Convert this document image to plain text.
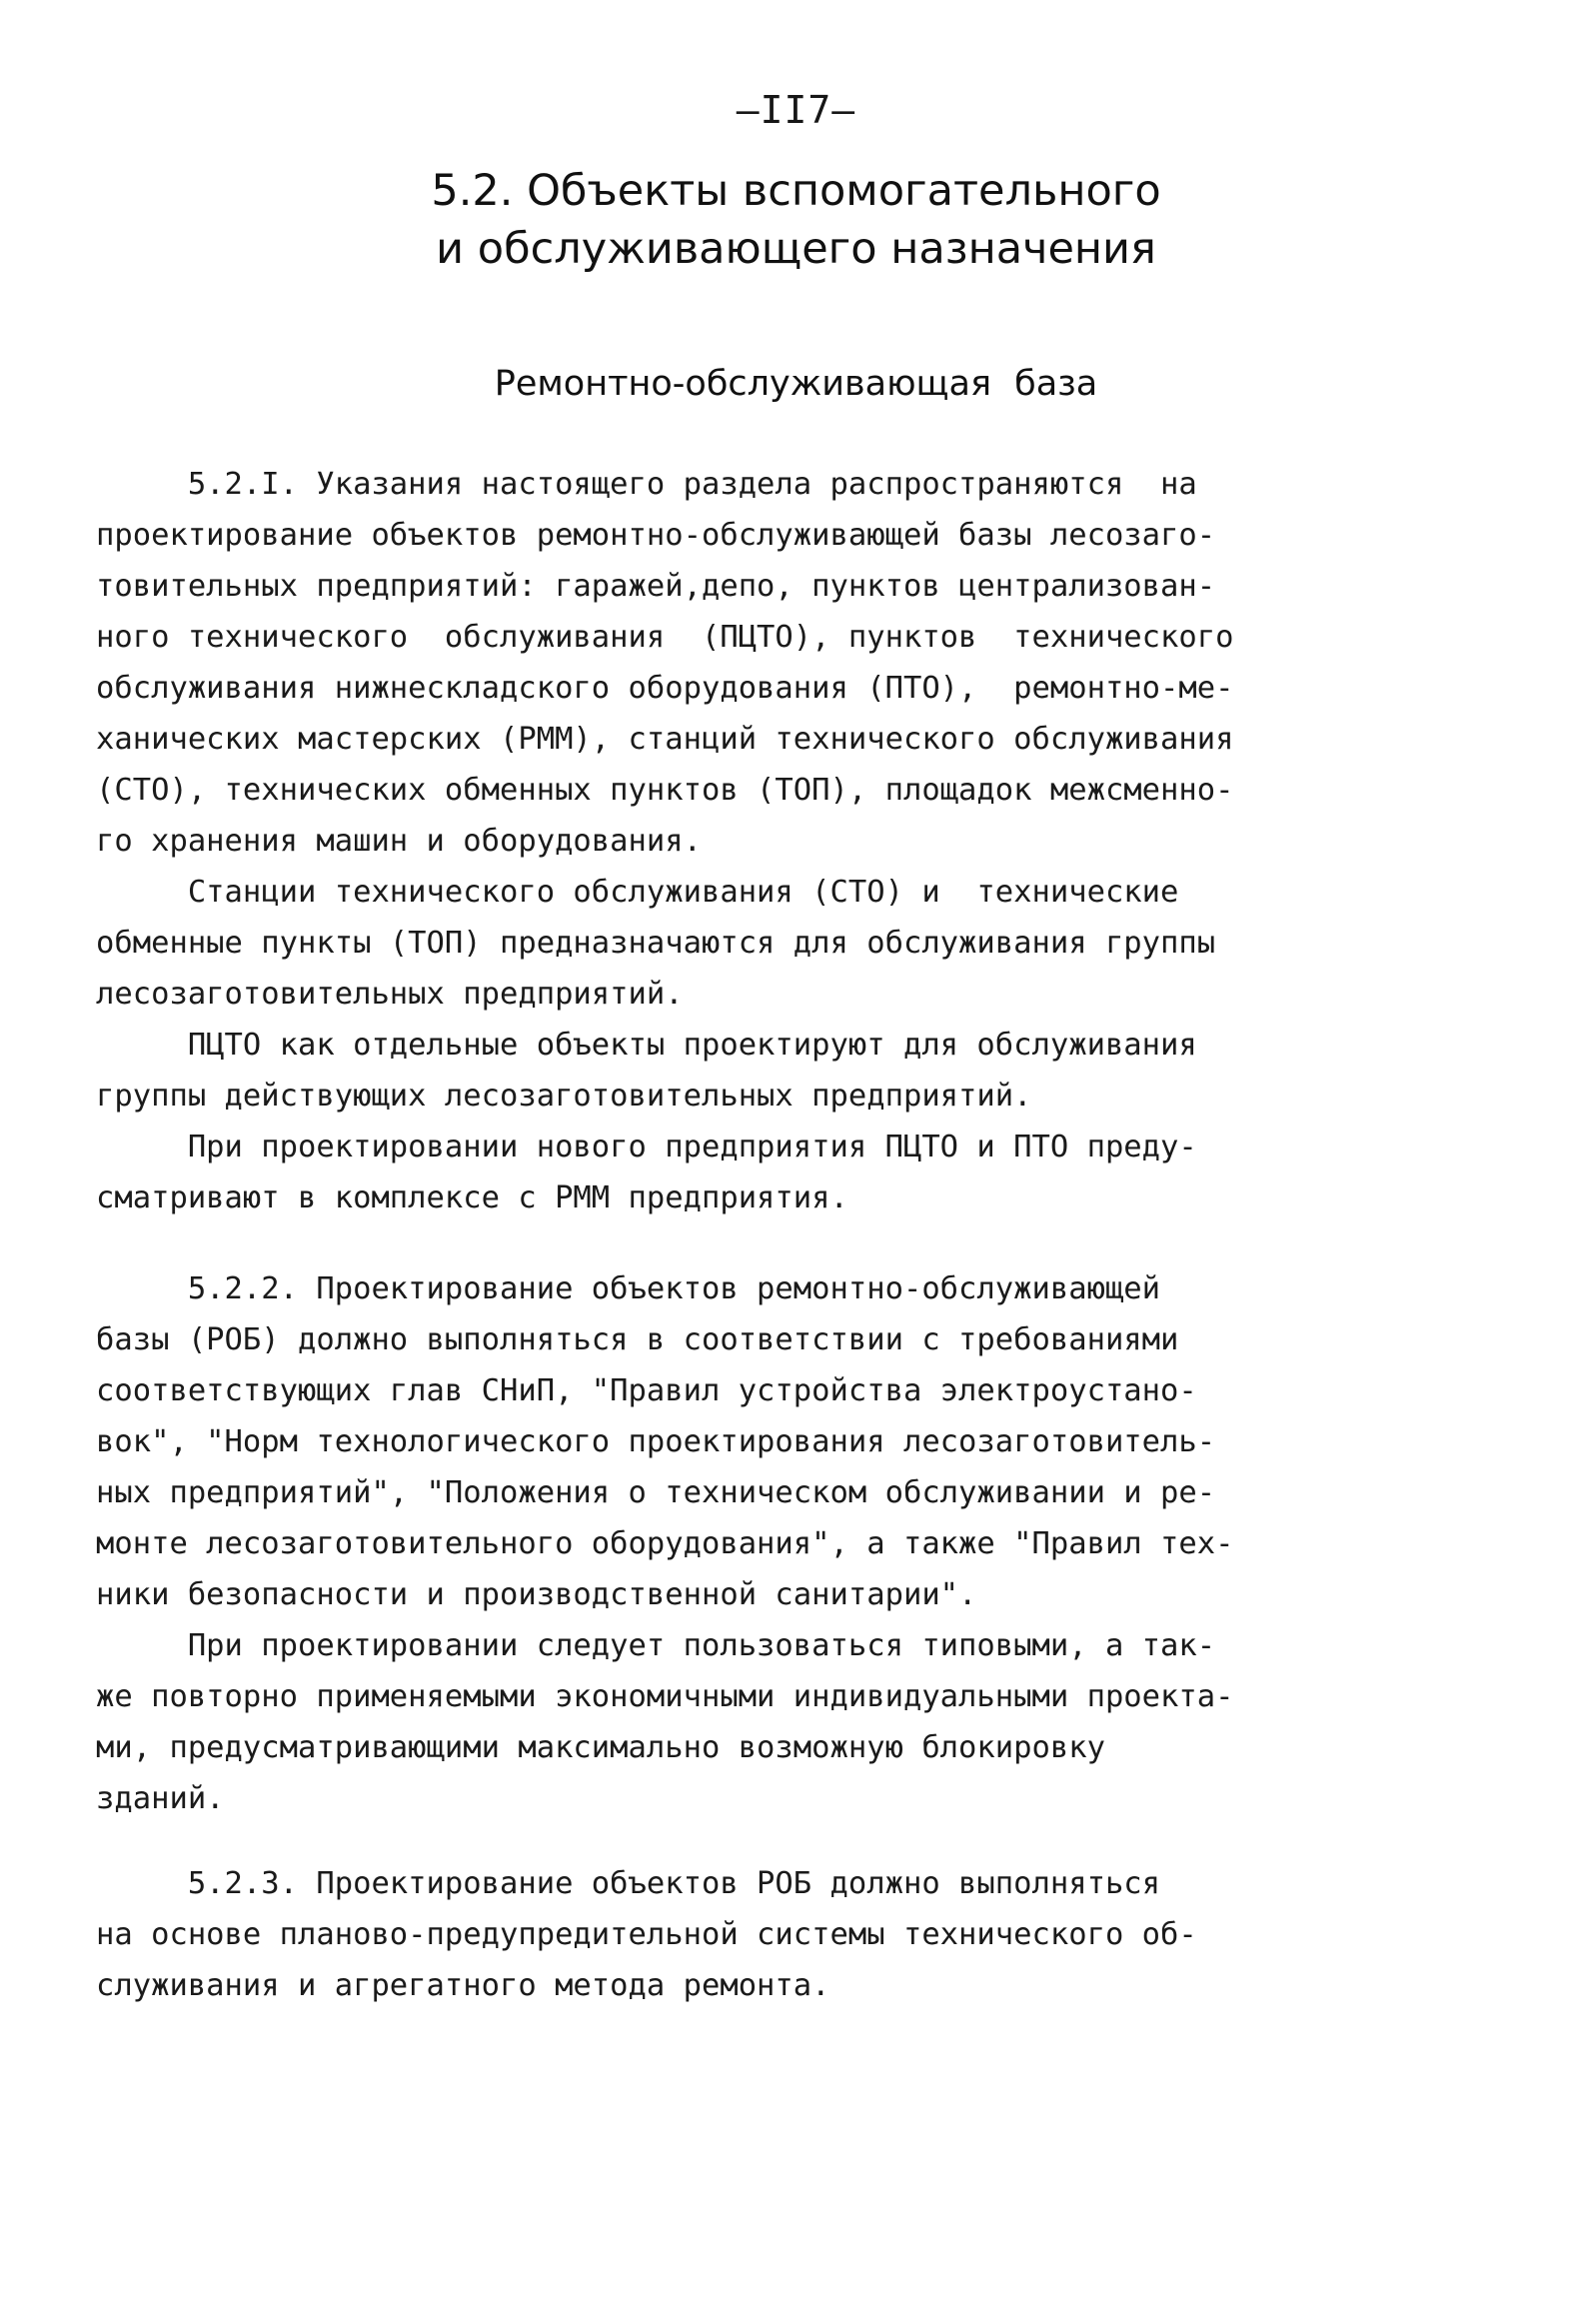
—II7—
5.2. Объекты вспомогательного
и обслуживающего назначения
Ремонтно-обслуживающая база
5.2.I. Указания настоящего раздела распространяются  на
проектирование объектов ремонтно-обслуживающей базы лесозаго-
товительных предприятий: гаражей,депо, пунктов централизован-
ного технического  обслуживания  (ПЦТО), пунктов  технического
обслуживания нижнескладского оборудования (ПТО),  ремонтно-ме-
ханических мастерских (РММ), станций технического обслуживания
(СТО), технических обменных пунктов (ТОП), площадок межсменно-
го хранения машин и оборудования.
Станции технического обслуживания (СТО) и  технические
обменные пункты (ТОП) предназначаются для обслуживания группы
лесозаготовительных предприятий.
ПЦТО как отдельные объекты проектируют для обслуживания
группы действующих лесозаготовительных предприятий.
При проектировании нового предприятия ПЦТО и ПТО преду-
сматривают в комплексе с РММ предприятия.
5.2.2. Проектирование объектов ремонтно-обслуживающей
базы (РОБ) должно выполняться в соответствии с требованиями
соответствующих глав СНиП, "Правил устройства электроустано-
вок", "Норм технологического проектирования лесозаготовитель-
ных предприятий", "Положения о техническом обслуживании и ре-
монте лесозаготовительного оборудования", а также "Правил тех-
ники безопасности и производственной санитарии".
При проектировании следует пользоваться типовыми, а так-
же повторно применяемыми экономичными индивидуальными проекта-
ми, предусматривающими максимально возможную блокировку
зданий.
5.2.3. Проектирование объектов РОБ должно выполняться
на основе планово-предупредительной системы технического об-
служивания и агрегатного метода ремонта.
